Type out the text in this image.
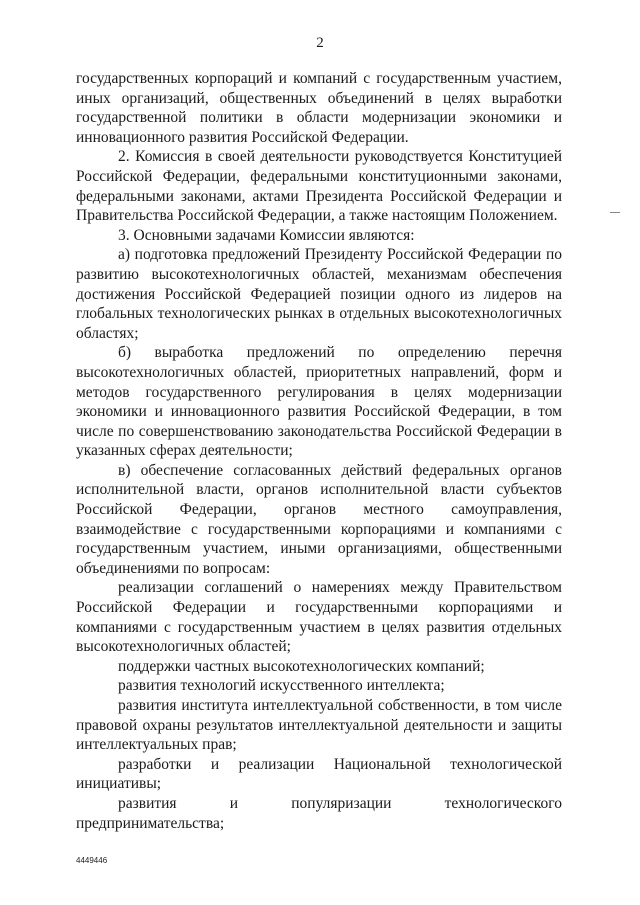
2

государственных корпораций и компаний с государственным участием, иных организаций, общественных объединений в целях выработки государственной политики в области модернизации экономики и инновационного развития Российской Федерации.

2. Комиссия в своей деятельности руководствуется Конституцией Российской Федерации, федеральными конституционными законами, федеральными законами, актами Президента Российской Федерации и Правительства Российской Федерации, а также настоящим Положением.

3. Основными задачами Комиссии являются:

а) подготовка предложений Президенту Российской Федерации по развитию высокотехнологичных областей, механизмам обеспечения достижения Российской Федерацией позиции одного из лидеров на глобальных технологических рынках в отдельных высокотехнологичных областях;

б) выработка предложений по определению перечня высокотехнологичных областей, приоритетных направлений, форм и методов государственного регулирования в целях модернизации экономики и инновационного развития Российской Федерации, в том числе по совершенствованию законодательства Российской Федерации в указанных сферах деятельности;

в) обеспечение согласованных действий федеральных органов исполнительной власти, органов исполнительной власти субъектов Российской Федерации, органов местного самоуправления, взаимодействие с государственными корпорациями и компаниями с государственным участием, иными организациями, общественными объединениями по вопросам:

реализации соглашений о намерениях между Правительством Российской Федерации и государственными корпорациями и компаниями с государственным участием в целях развития отдельных высокотехнологичных областей;

поддержки частных высокотехнологических компаний;

развития технологий искусственного интеллекта;

развития института интеллектуальной собственности, в том числе правовой охраны результатов интеллектуальной деятельности и защиты интеллектуальных прав;

разработки и реализации Национальной технологической инициативы;

развития и популяризации технологического предпринимательства;

4449446
